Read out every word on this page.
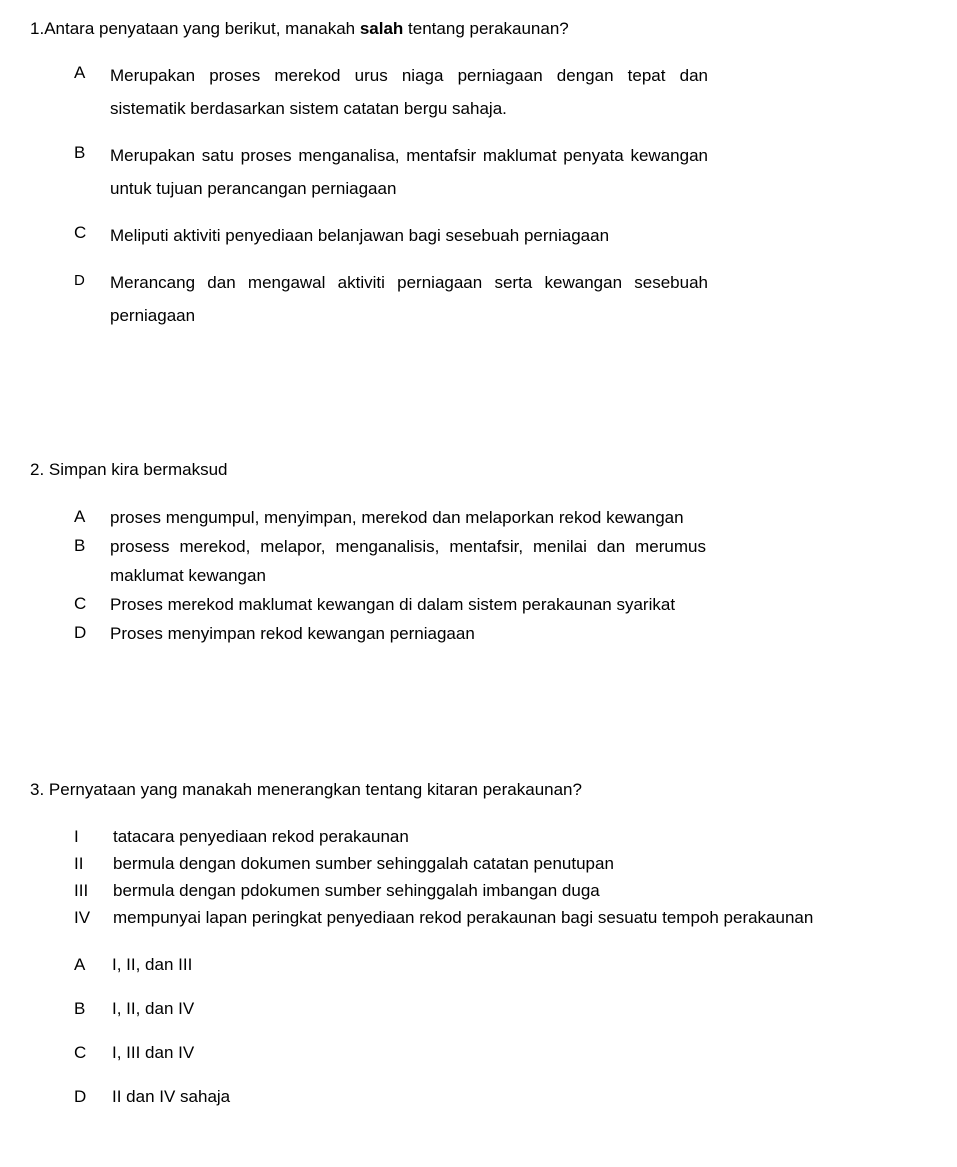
1.Antara penyataan yang berikut, manakah salah tentang perakaunan?
A	Merupakan proses merekod urus niaga perniagaan dengan tepat dan sistematik berdasarkan sistem catatan bergu sahaja.
B	Merupakan satu proses menganalisa, mentafsir maklumat penyata kewangan untuk tujuan perancangan perniagaan
C	Meliputi aktiviti penyediaan belanjawan bagi sesebuah perniagaan
D	Merancang dan mengawal aktiviti perniagaan serta kewangan sesebuah perniagaan
2. Simpan kira bermaksud
A	proses mengumpul, menyimpan, merekod dan melaporkan rekod kewangan
B	prosess merekod, melapor, menganalisis, mentafsir, menilai dan merumus maklumat kewangan
C	Proses merekod maklumat kewangan di dalam sistem perakaunan syarikat
D	Proses menyimpan rekod kewangan perniagaan
3. Pernyataan yang manakah menerangkan tentang kitaran perakaunan?
I	tatacara penyediaan rekod perakaunan
II	bermula dengan dokumen sumber sehinggalah catatan penutupan
III	bermula dengan pdokumen sumber sehinggalah imbangan duga
IV	mempunyai lapan peringkat penyediaan rekod perakaunan bagi sesuatu tempoh perakaunan
A	I, II, dan III
B	I, II, dan IV
C	I, III dan IV
D	II dan IV sahaja
